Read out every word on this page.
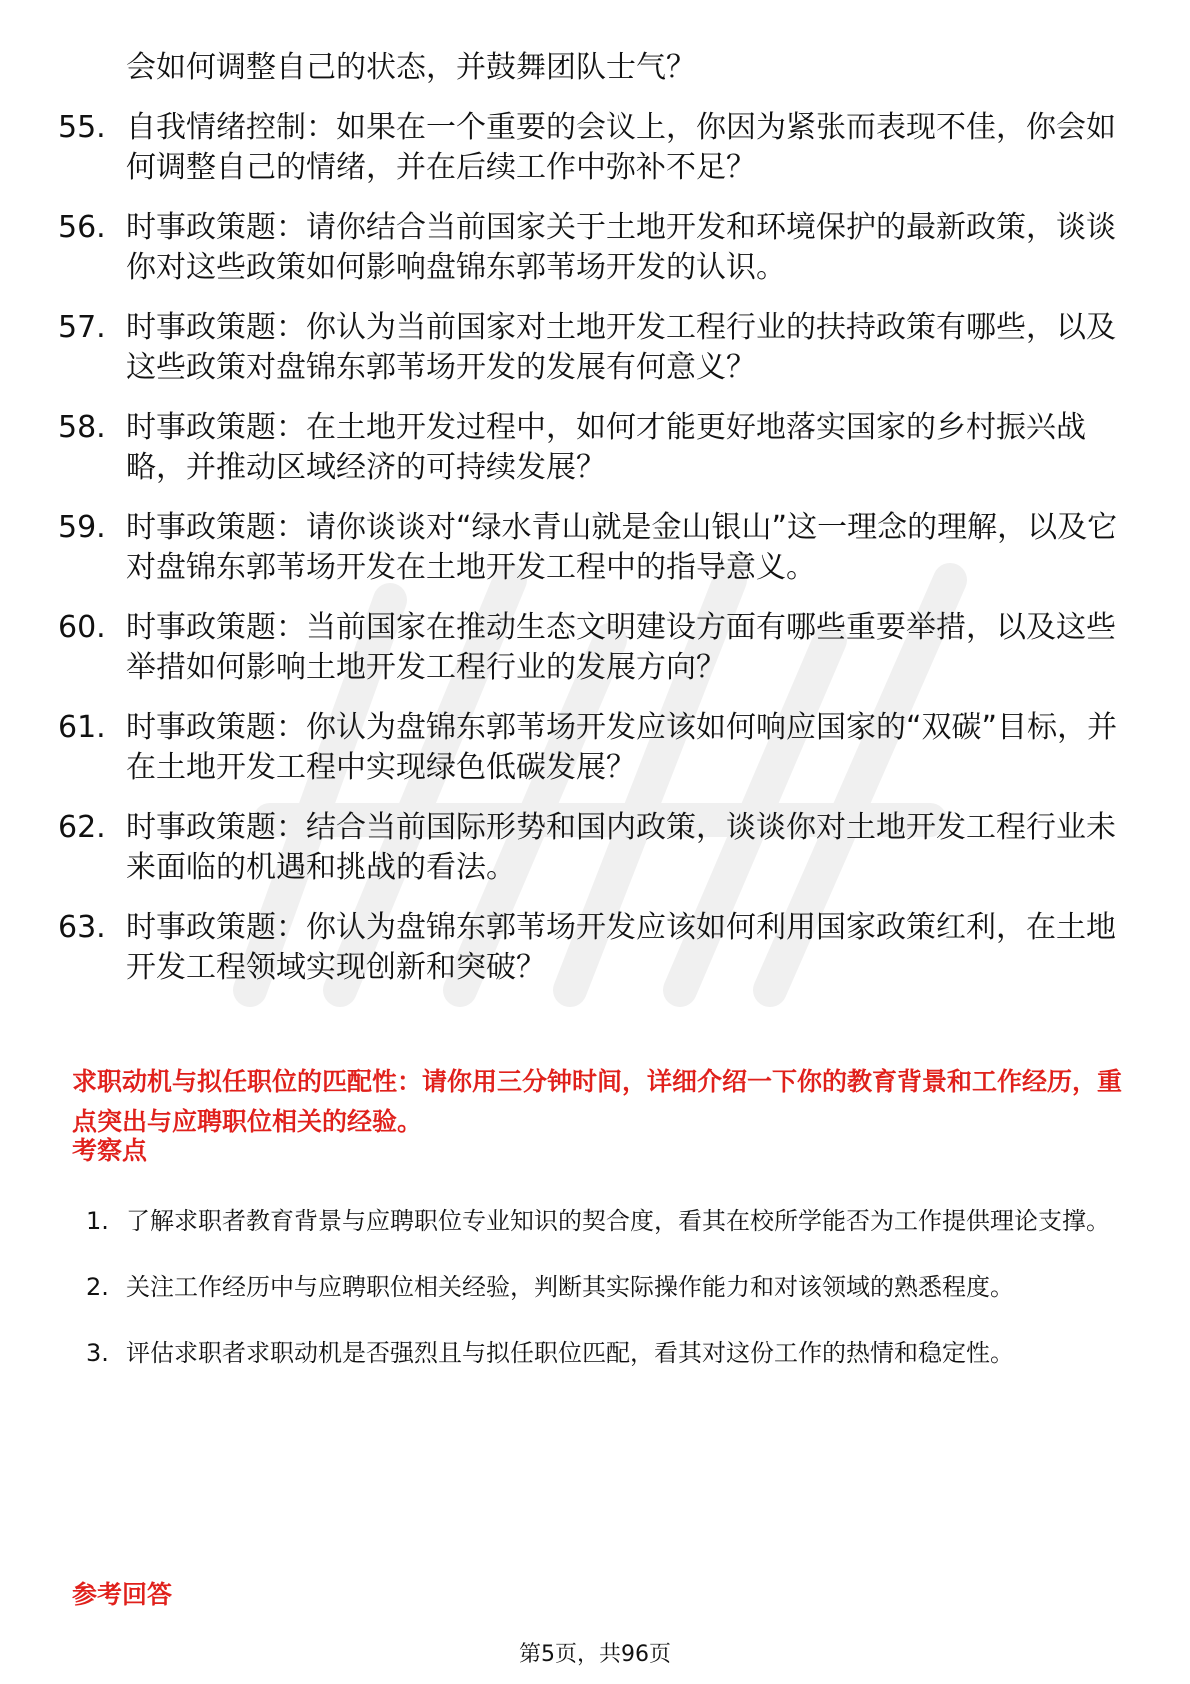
会如何调整自己的状态，并鼓舞团队士气？
55. 自我情绪控制：如果在一个重要的会议上，你因为紧张而表现不佳，你会如何调整自己的情绪，并在后续工作中弥补不足？
56. 时事政策题：请你结合当前国家关于土地开发和环境保护的最新政策，谈谈你对这些政策如何影响盘锦东郭苇场开发的认识。
57. 时事政策题：你认为当前国家对土地开发工程行业的扶持政策有哪些，以及这些政策对盘锦东郭苇场开发的发展有何意义？
58. 时事政策题：在土地开发过程中，如何才能更好地落实国家的乡村振兴战略，并推动区域经济的可持续发展？
59. 时事政策题：请你谈谈对“绿水青山就是金山银山”这一理念的理解，以及它对盘锦东郭苇场开发在土地开发工程中的指导意义。
60. 时事政策题：当前国家在推动生态文明建设方面有哪些重要举措，以及这些举措如何影响土地开发工程行业的发展方向？
61. 时事政策题：你认为盘锦东郭苇场开发应该如何响应国家的“双碳”目标，并在土地开发工程中实现绿色低碳发展？
62. 时事政策题：结合当前国际形势和国内政策，谈谈你对土地开发工程行业未来面临的机遇和挑战的看法。
63. 时事政策题：你认为盘锦东郭苇场开发应该如何利用国家政策红利，在土地开发工程领域实现创新和突破？
求职动机与拟任职位的匹配性：请你用三分钟时间，详细介绍一下你的教育背景和工作经历，重点突出与应聘职位相关的经验。
考察点
1. 了解求职者教育背景与应聘职位专业知识的契合度，看其在校所学能否为工作提供理论支撑。
2. 关注工作经历中与应聘职位相关经验，判断其实际操作能力和对该领域的熟悉程度。
3. 评估求职者求职动机是否强烈且与拟任职位匹配，看其对这份工作的热情和稳定性。
参考回答
第5页，共96页
